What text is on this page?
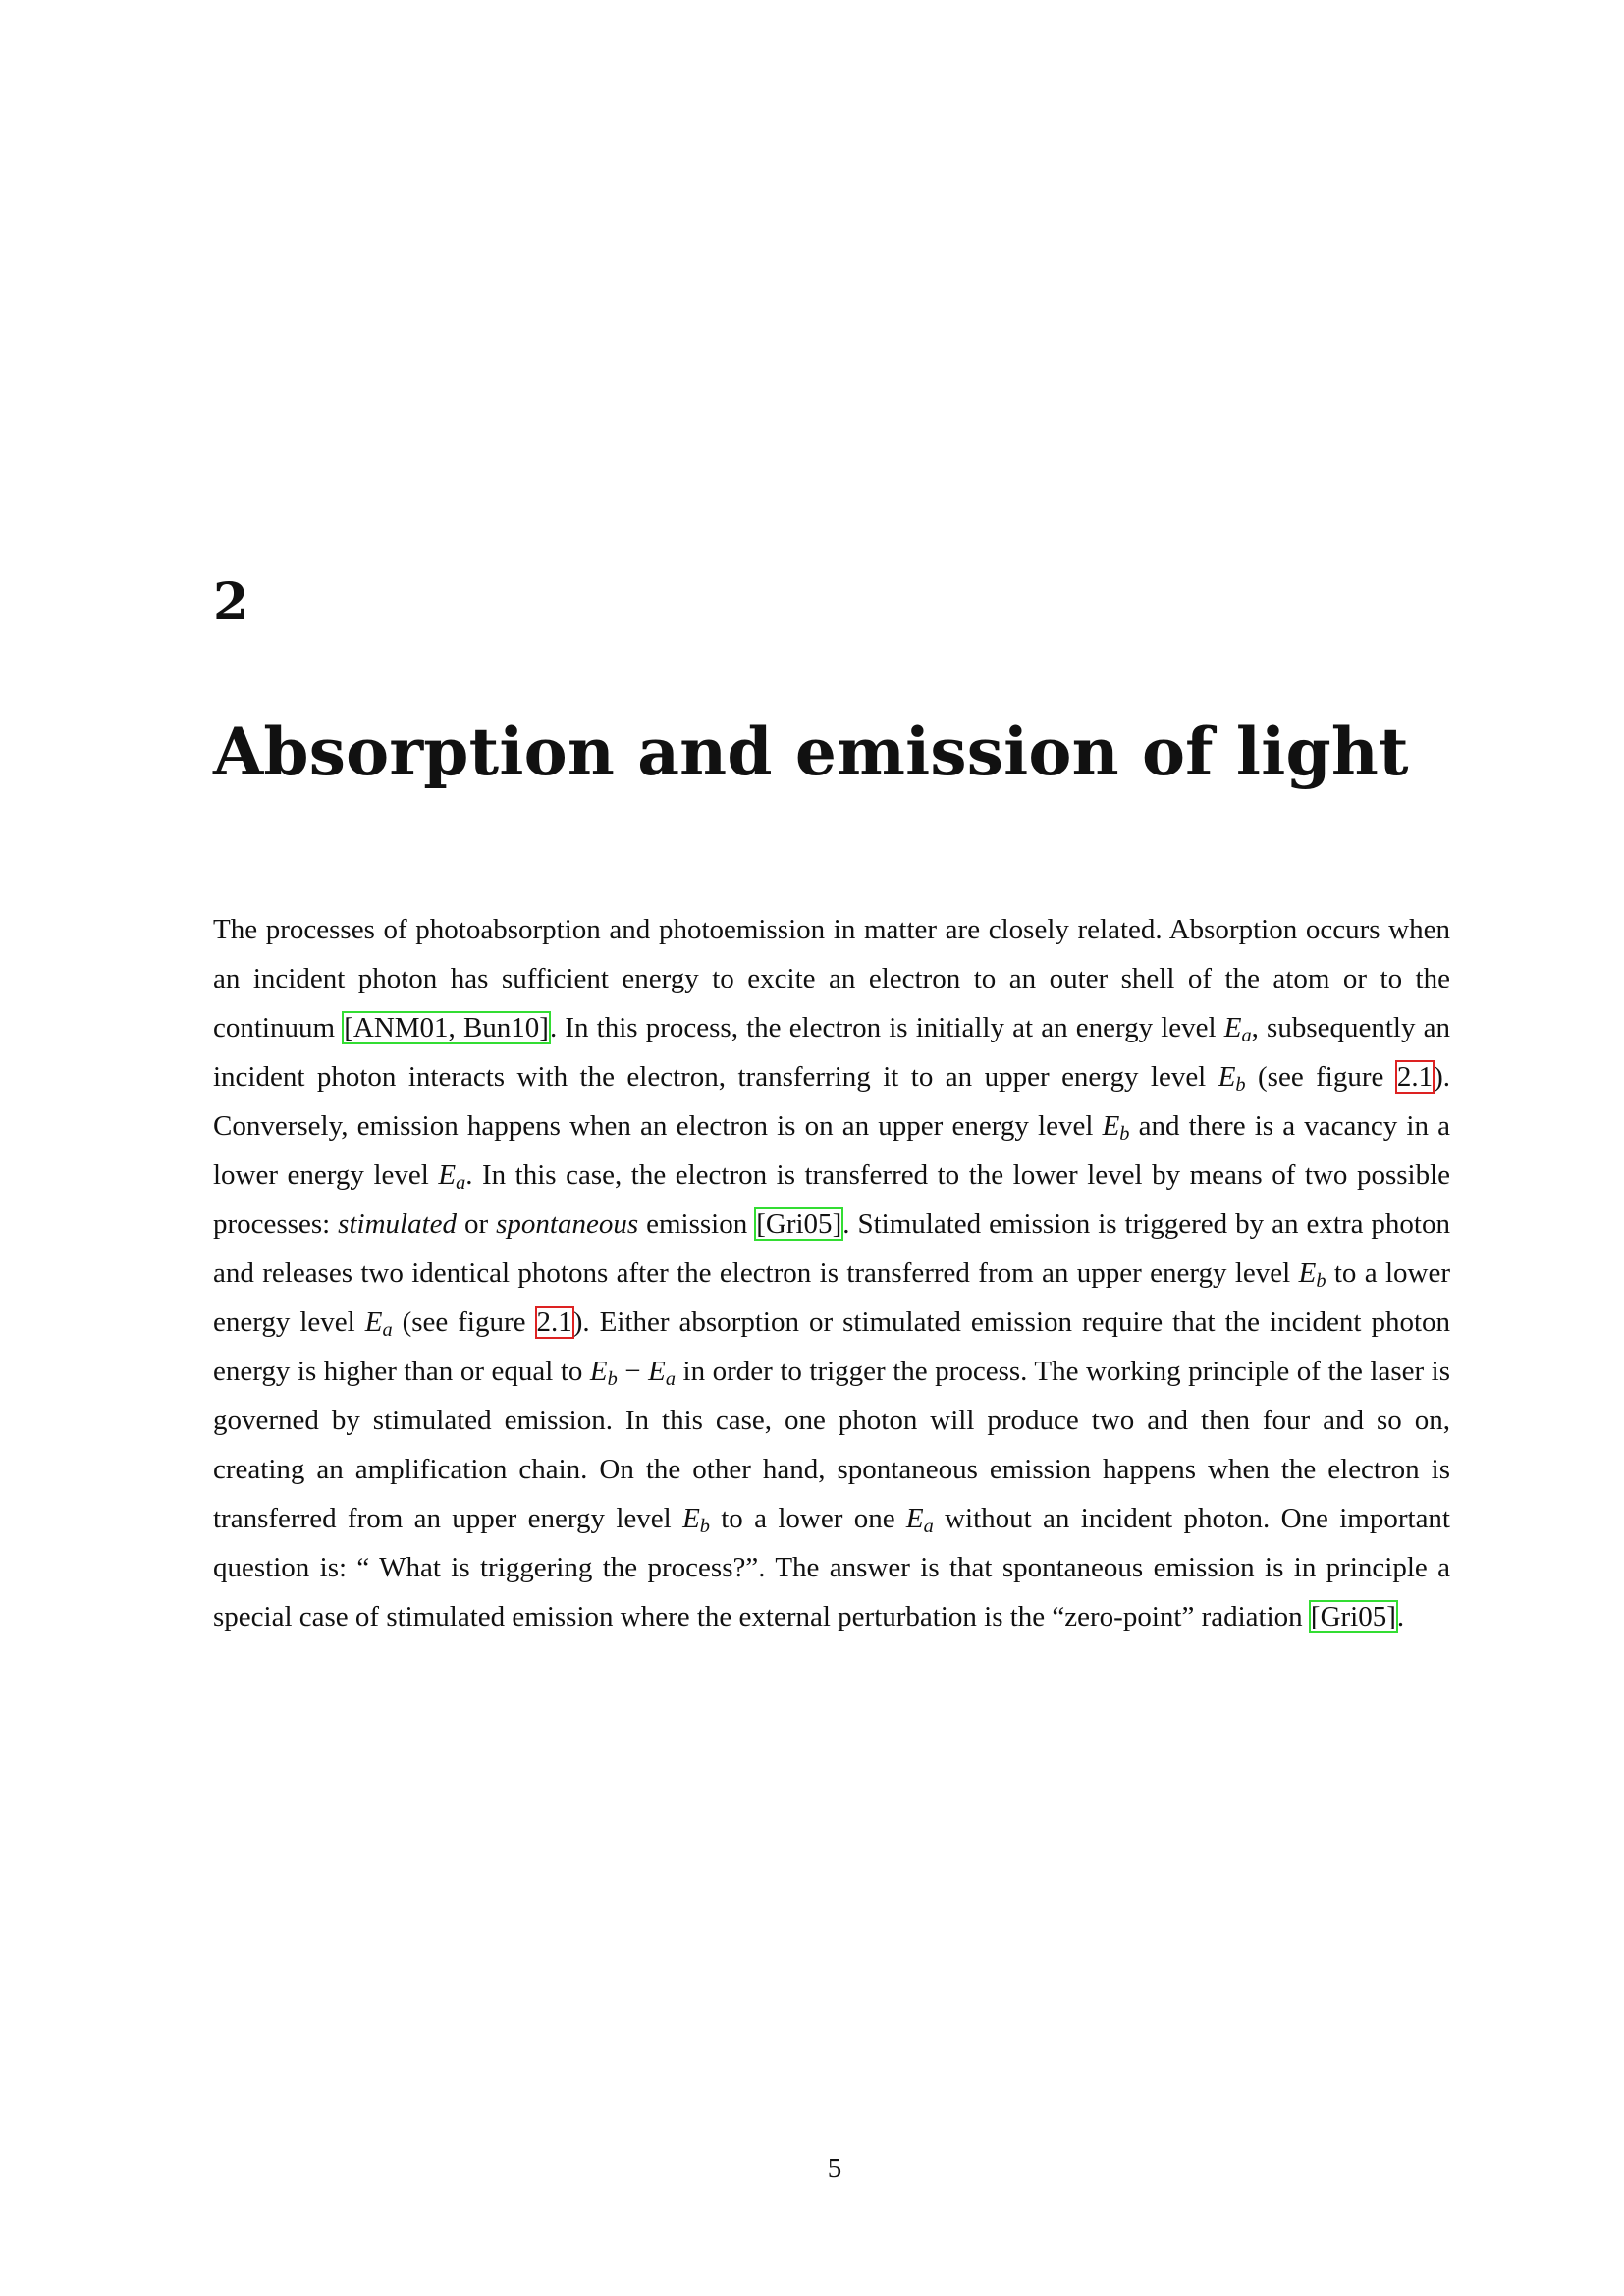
2
Absorption and emission of light

The processes of photoabsorption and photoemission in matter are closely related. Absorption occurs when an incident photon has sufficient energy to excite an electron to an outer shell of the atom or to the continuum [ANM01, Bun10]. In this process, the electron is initially at an energy level $E_a$, subsequently an incident photon interacts with the electron, transferring it to an upper energy level $E_b$ (see figure 2.1). Conversely, emission happens when an electron is on an upper energy level $E_b$ and there is a vacancy in a lower energy level $E_a$. In this case, the electron is transferred to the lower level by means of two possible processes: stimulated or spontaneous emission [Gri05]. Stimulated emission is triggered by an extra photon and releases two identical photons after the electron is transferred from an upper energy level $E_b$ to a lower energy level $E_a$ (see figure 2.1). Either absorption or stimulated emission require that the incident photon energy is higher than or equal to $E_b - E_a$ in order to trigger the process. The working principle of the laser is governed by stimulated emission. In this case, one photon will produce two and then four and so on, creating an amplification chain. On the other hand, spontaneous emission happens when the electron is transferred from an upper energy level $E_b$ to a lower one $E_a$ without an incident photon. One important question is: “ What is triggering the process?”. The answer is that spontaneous emission is in principle a special case of stimulated emission where the external perturbation is the “zero-point” radiation [Gri05].

5
